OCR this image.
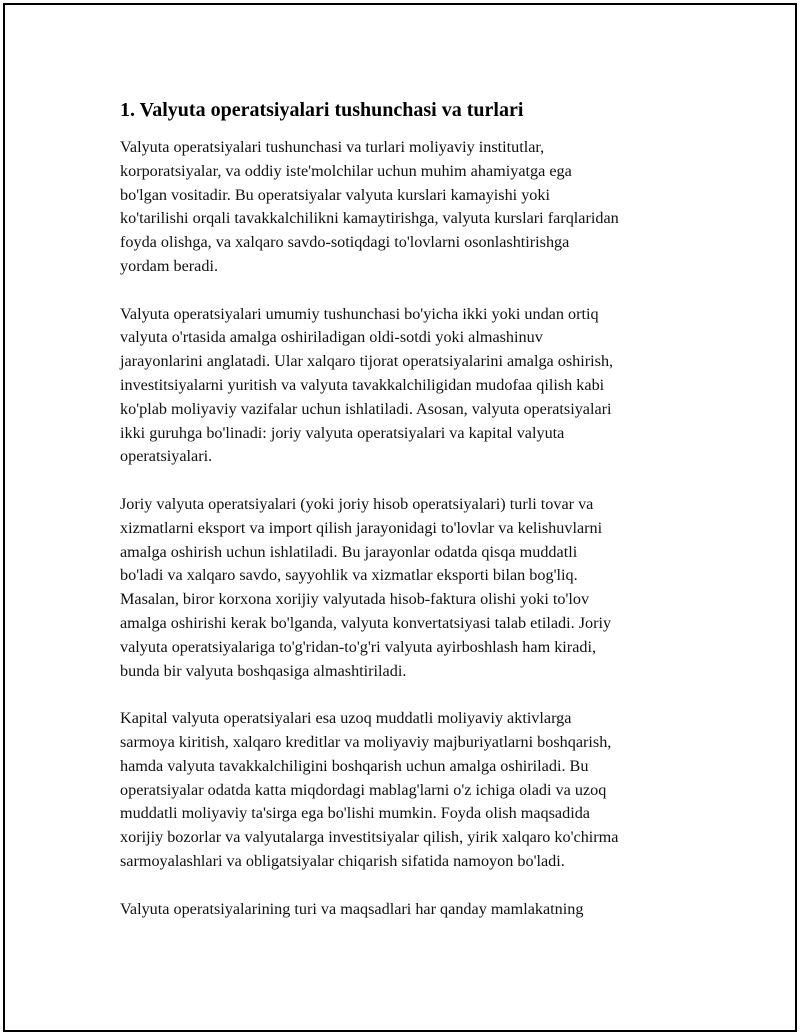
1. Valyuta operatsiyalari tushunchasi va turlari

Valyuta operatsiyalari tushunchasi va turlari moliyaviy institutlar,
korporatsiyalar, va oddiy iste'molchilar uchun muhim ahamiyatga ega
bo'lgan vositadir. Bu operatsiyalar valyuta kurslari kamayishi yoki
ko'tarilishi orqali tavakkalchilikni kamaytirishga, valyuta kurslari farqlaridan
foyda olishga, va xalqaro savdo-sotiqdagi to'lovlarni osonlashtirishga
yordam beradi.

Valyuta operatsiyalari umumiy tushunchasi bo'yicha ikki yoki undan ortiq
valyuta o'rtasida amalga oshiriladigan oldi-sotdi yoki almashinuv
jarayonlarini anglatadi. Ular xalqaro tijorat operatsiyalarini amalga oshirish,
investitsiyalarni yuritish va valyuta tavakkalchiligidan mudofaa qilish kabi
ko'plab moliyaviy vazifalar uchun ishlatiladi. Asosan, valyuta operatsiyalari
ikki guruhga bo'linadi: joriy valyuta operatsiyalari va kapital valyuta
operatsiyalari.

Joriy valyuta operatsiyalari (yoki joriy hisob operatsiyalari) turli tovar va
xizmatlarni eksport va import qilish jarayonidagi to'lovlar va kelishuvlarni
amalga oshirish uchun ishlatiladi. Bu jarayonlar odatda qisqa muddatli
bo'ladi va xalqaro savdo, sayyohlik va xizmatlar eksporti bilan bog'liq.
Masalan, biror korxona xorijiy valyutada hisob-faktura olishi yoki to'lov
amalga oshirishi kerak bo'lganda, valyuta konvertatsiyasi talab etiladi. Joriy
valyuta operatsiyalariga to'g'ridan-to'g'ri valyuta ayirboshlash ham kiradi,
bunda bir valyuta boshqasiga almashtiriladi.

Kapital valyuta operatsiyalari esa uzoq muddatli moliyaviy aktivlarga
sarmoya kiritish, xalqaro kreditlar va moliyaviy majburiyatlarni boshqarish,
hamda valyuta tavakkalchiligini boshqarish uchun amalga oshiriladi. Bu
operatsiyalar odatda katta miqdordagi mablag'larni o'z ichiga oladi va uzoq
muddatli moliyaviy ta'sirga ega bo'lishi mumkin. Foyda olish maqsadida
xorijiy bozorlar va valyutalarga investitsiyalar qilish, yirik xalqaro ko'chirma
sarmoyalashlari va obligatsiyalar chiqarish sifatida namoyon bo'ladi.

Valyuta operatsiyalarining turi va maqsadlari har qanday mamlakatning
